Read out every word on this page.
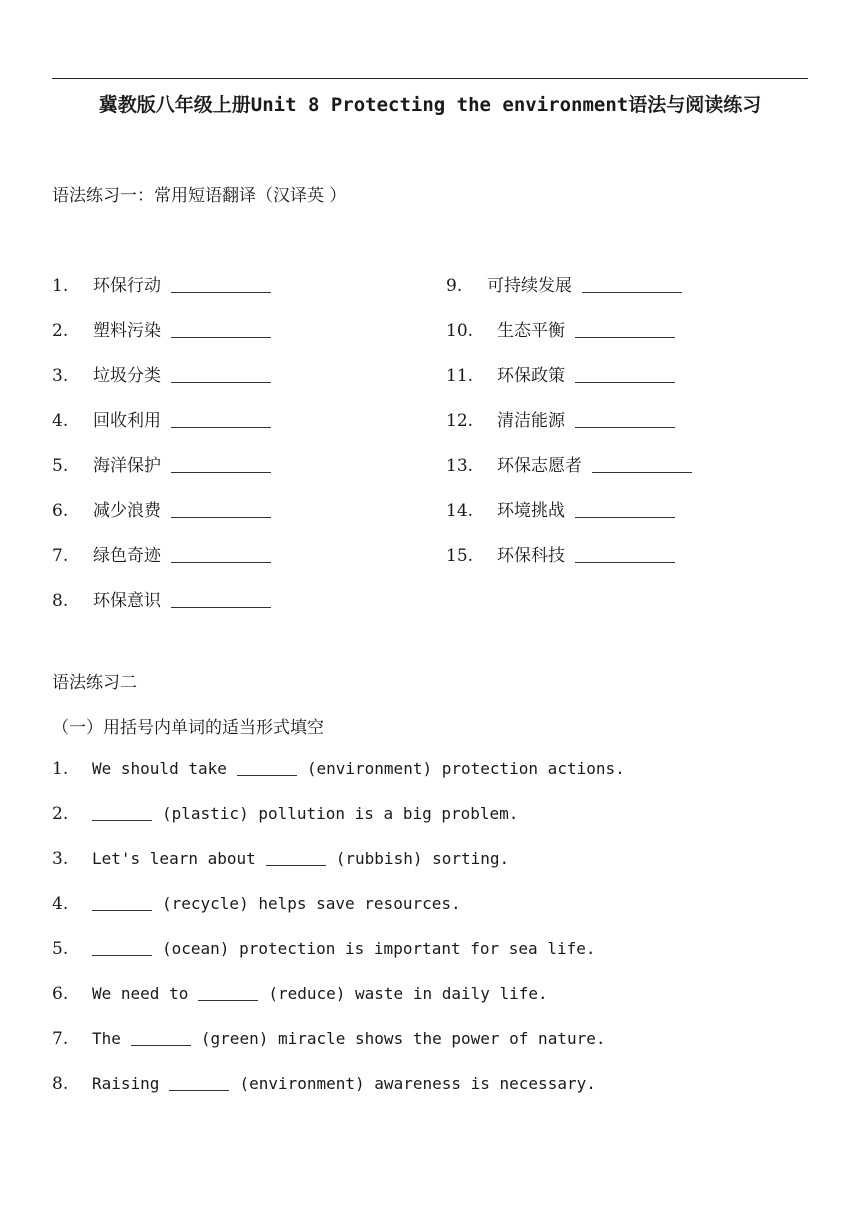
冀教版八年级上册Unit 8 Protecting the environment语法与阅读练习
语法练习一：常用短语翻译（汉译英 ）
1.	环保行动
2.	塑料污染
3.	垃圾分类
4.	回收利用
5.	海洋保护
6.	减少浪费
7.	绿色奇迹
8.	环保意识
9.	可持续发展
10.	生态平衡
11.	环保政策
12.	清洁能源
13.	环保志愿者
14.	环境挑战
15.	环保科技
语法练习二
（一）用括号内单词的适当形式填空
1.	We should take	(environment) protection actions.
2.	(plastic) pollution is a big problem.
3.	Let's learn about	(rubbish) sorting.
4.	(recycle) helps save resources.
5.	(ocean) protection is important for sea life.
6.	We need to	(reduce) waste in daily life.
7.	The	(green) miracle shows the power of nature.
8.	Raising	(environment) awareness is necessary.
